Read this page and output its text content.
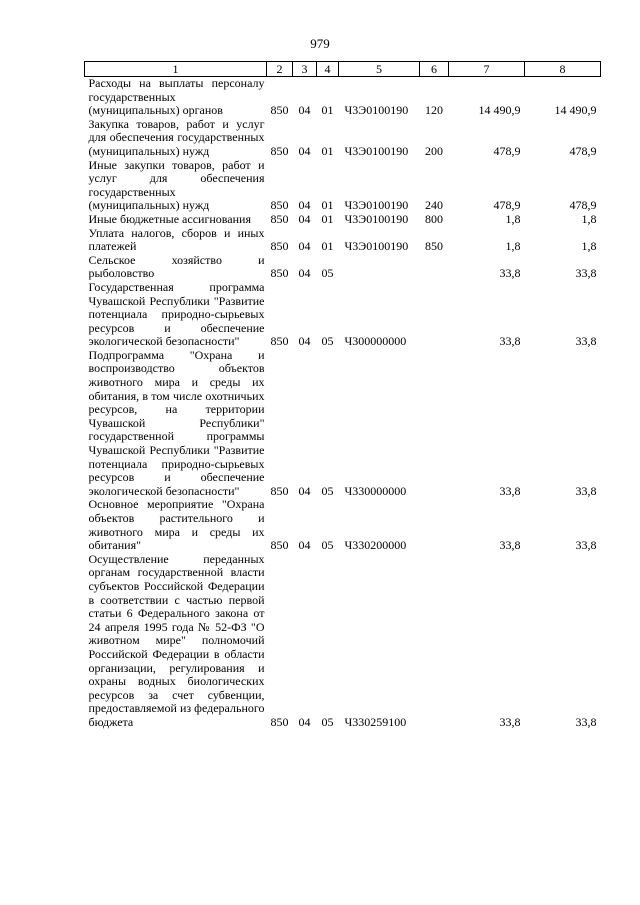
979
1	2	3	4	5	6	7	8
Расходы на выплаты персоналу государственных (муниципальных) органов	850	04	01	Ч3Э0100190	120	14 490,9	14 490,9
Закупка товаров, работ и услуг для обеспечения государственных (муниципальных) нужд	850	04	01	Ч3Э0100190	200	478,9	478,9
Иные закупки товаров, работ и услуг для обеспечения государственных (муниципальных) нужд	850	04	01	Ч3Э0100190	240	478,9	478,9
Иные бюджетные ассигнования	850	04	01	Ч3Э0100190	800	1,8	1,8
Уплата налогов, сборов и иных платежей	850	04	01	Ч3Э0100190	850	1,8	1,8
Сельское хозяйство и рыболовство	850	04	05			33,8	33,8
Государственная программа Чувашской Республики "Развитие потенциала природно-сырьевых ресурсов и обеспечение экологической безопасности"	850	04	05	Ч300000000		33,8	33,8
Подпрограмма "Охрана и воспроизводство объектов животного мира и среды их обитания, в том числе охотничьих ресурсов, на территории Чувашской Республики" государственной программы Чувашской Республики "Развитие потенциала природно-сырьевых ресурсов и обеспечение экологической безопасности"	850	04	05	Ч330000000		33,8	33,8
Основное мероприятие "Охрана объектов растительного и животного мира и среды их обитания"	850	04	05	Ч330200000		33,8	33,8
Осуществление переданных органам государственной власти субъектов Российской Федерации в соответствии с частью первой статьи 6 Федерального закона от 24 апреля 1995 года № 52-ФЗ "О животном мире" полномочий Российской Федерации в области организации, регулирования и охраны водных биологических ресурсов за счет субвенции, предоставляемой из федерального бюджета	850	04	05	Ч330259100		33,8	33,8
